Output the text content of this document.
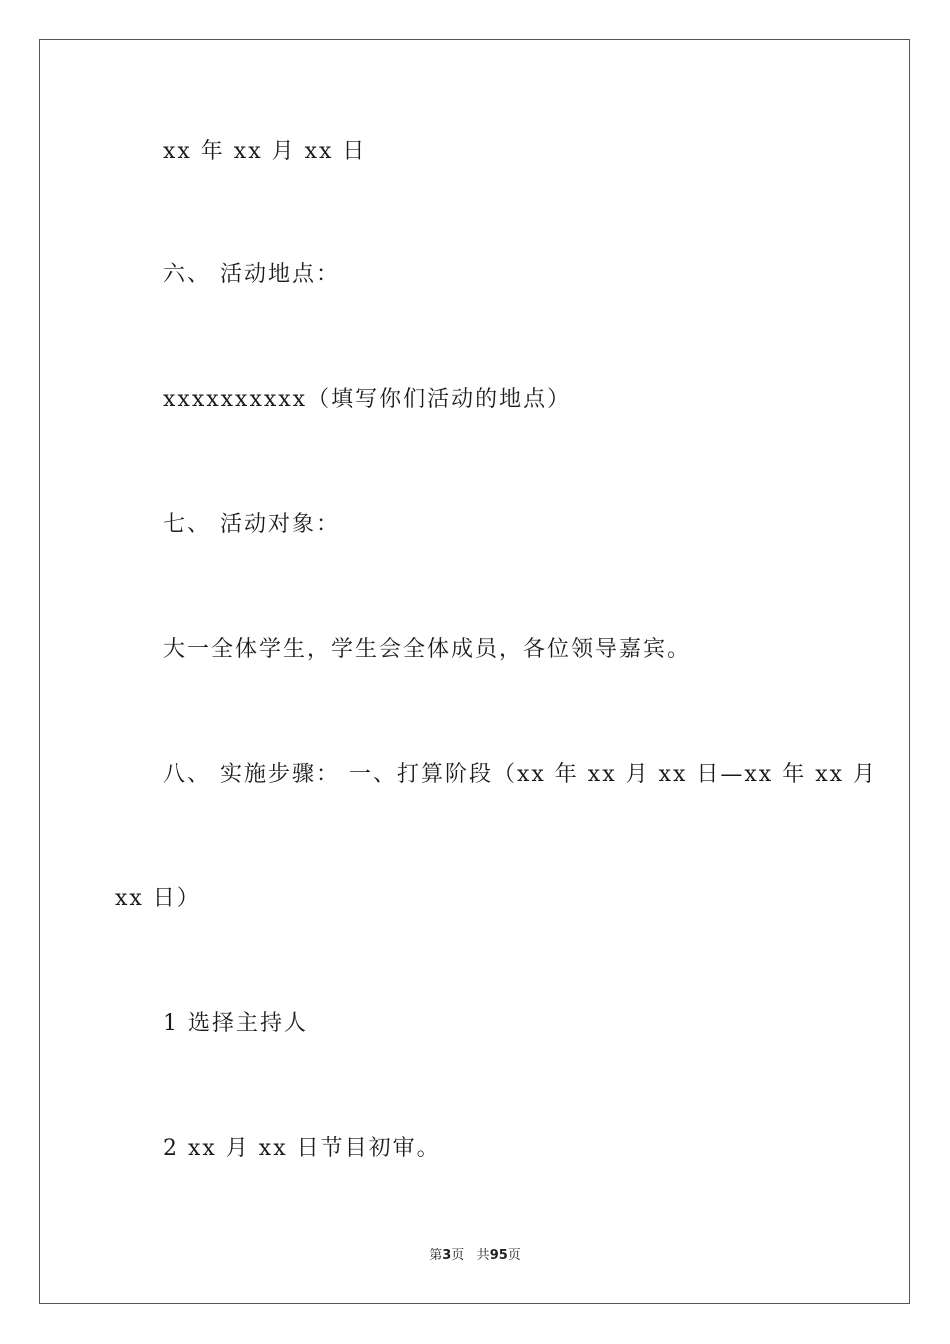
xx 年 xx 月 xx 日
六、 活动地点：
xxxxxxxxxx（填写你们活动的地点）
七、 活动对象：
大一全体学生，学生会全体成员，各位领导嘉宾。
八、 实施步骤： 一、打算阶段（xx 年 xx 月 xx 日—xx 年 xx 月
xx 日）
1 选择主持人
2 xx 月 xx 日节目初审。
第3页 共95页
